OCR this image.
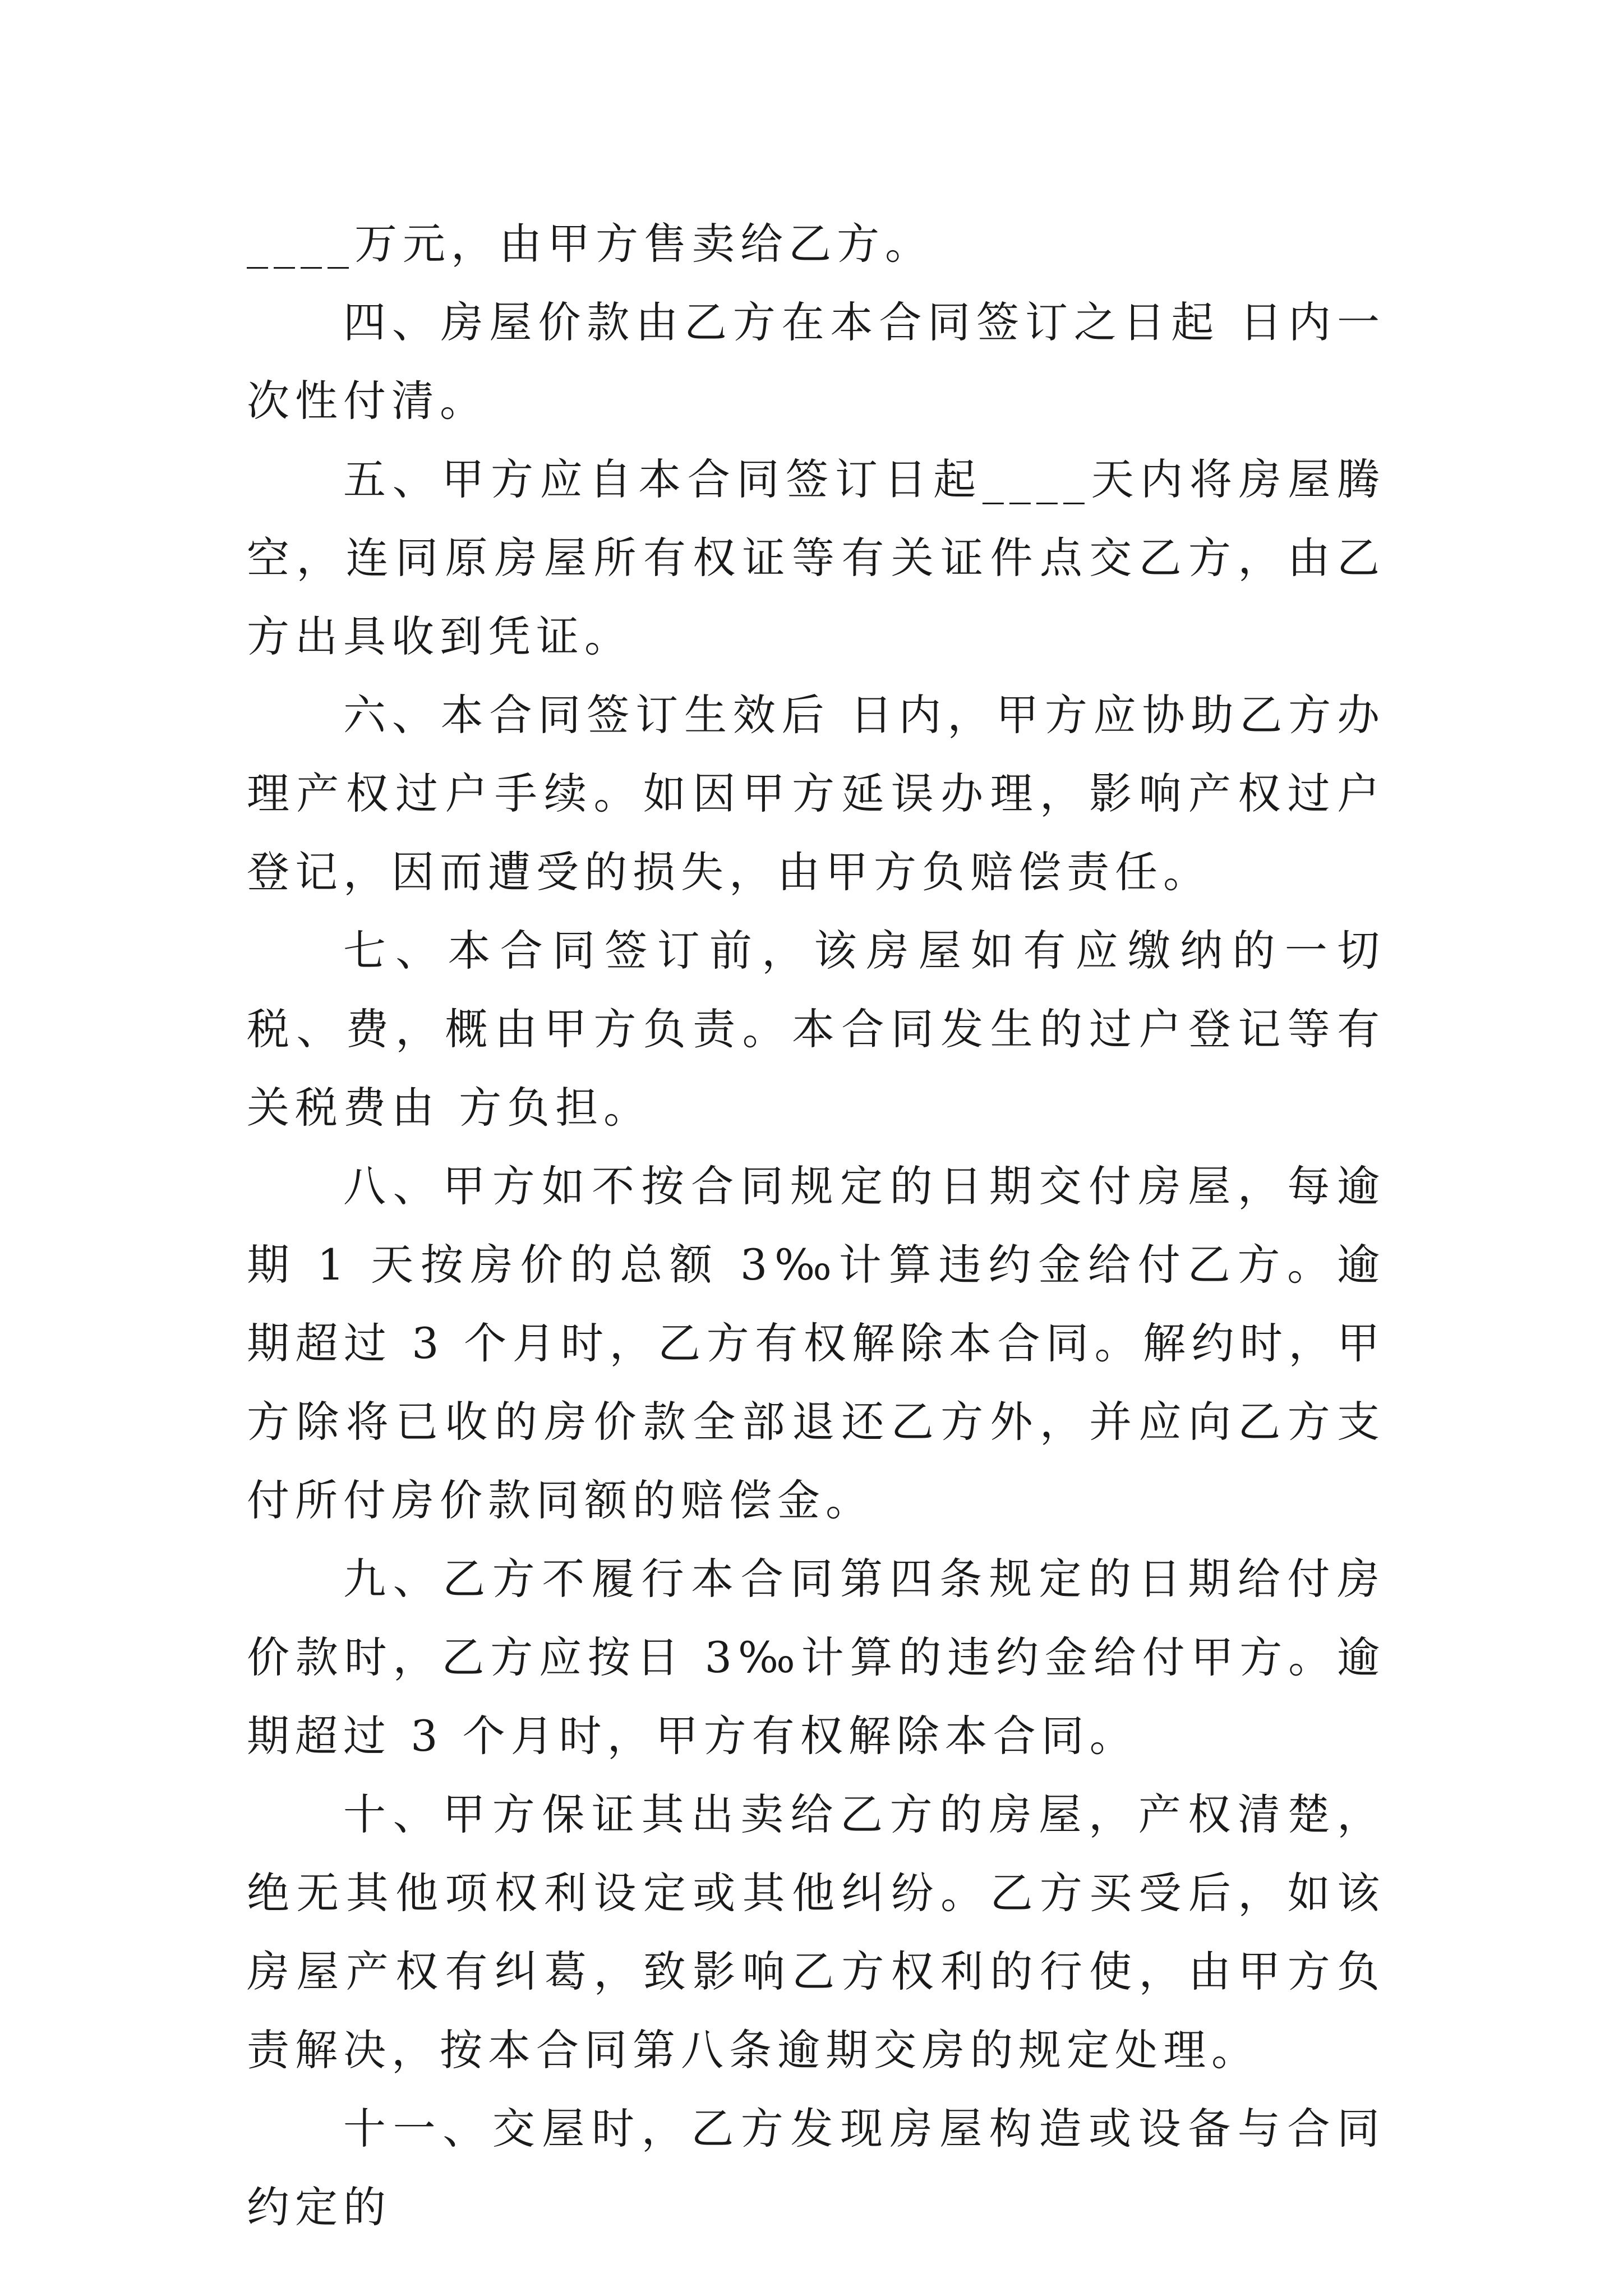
____万元，由甲方售卖给乙方。

四、房屋价款由乙方在本合同签订之日起 日内一次性付清。

五、甲方应自本合同签订日起____天内将房屋腾空，连同原房屋所有权证等有关证件点交乙方，由乙方出具收到凭证。

六、本合同签订生效后 日内，甲方应协助乙方办理产权过户手续。如因甲方延误办理，影响产权过户登记，因而遭受的损失，由甲方负赔偿责任。

七、本合同签订前，该房屋如有应缴纳的一切税、费，概由甲方负责。本合同发生的过户登记等有关税费由 方负担。

八、甲方如不按合同规定的日期交付房屋，每逾期 1 天按房价的总额 3‰计算违约金给付乙方。逾期超过 3 个月时，乙方有权解除本合同。解约时，甲方除将已收的房价款全部退还乙方外，并应向乙方支付所付房价款同额的赔偿金。

九、乙方不履行本合同第四条规定的日期给付房价款时，乙方应按日 3‰计算的违约金给付甲方。逾期超过 3 个月时，甲方有权解除本合同。

十、甲方保证其出卖给乙方的房屋，产权清楚，绝无其他项权利设定或其他纠纷。乙方买受后，如该房屋产权有纠葛，致影响乙方权利的行使，由甲方负责解决，按本合同第八条逾期交房的规定处理。

十一、交屋时，乙方发现房屋构造或设备与合同约定的
